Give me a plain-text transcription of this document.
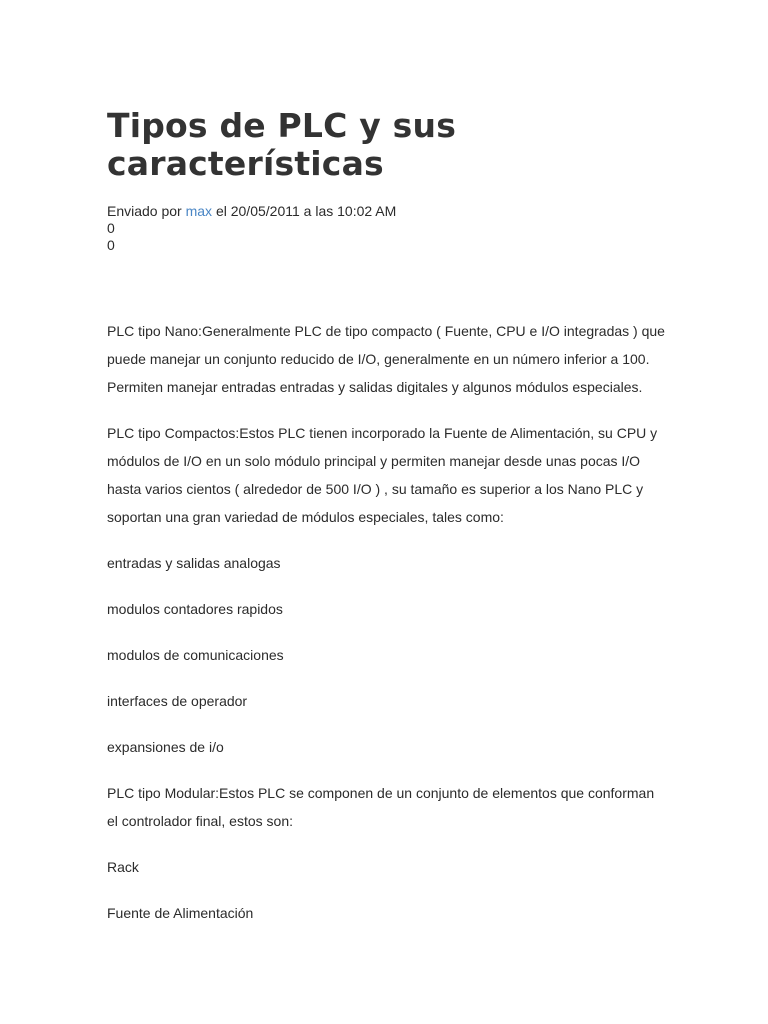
Tipos de PLC y sus características
Enviado por max el 20/05/2011 a las 10:02 AM
0
0

PLC tipo Nano:Generalmente PLC de tipo compacto ( Fuente, CPU e I/O integradas ) que puede manejar un conjunto reducido de I/O, generalmente en un número inferior a 100. Permiten manejar entradas entradas y salidas digitales y algunos módulos especiales.

PLC tipo Compactos:Estos PLC tienen incorporado la Fuente de Alimentación, su CPU y módulos de I/O en un solo módulo principal y permiten manejar desde unas pocas I/O hasta varios cientos ( alrededor de 500 I/O ) , su tamaño es superior a los Nano PLC y soportan una gran variedad de módulos especiales, tales como:

entradas y salidas analogas

modulos contadores rapidos

modulos de comunicaciones

interfaces de operador

expansiones de i/o

PLC tipo Modular:Estos PLC se componen de un conjunto de elementos que conforman el controlador final, estos son:

Rack

Fuente de Alimentación
